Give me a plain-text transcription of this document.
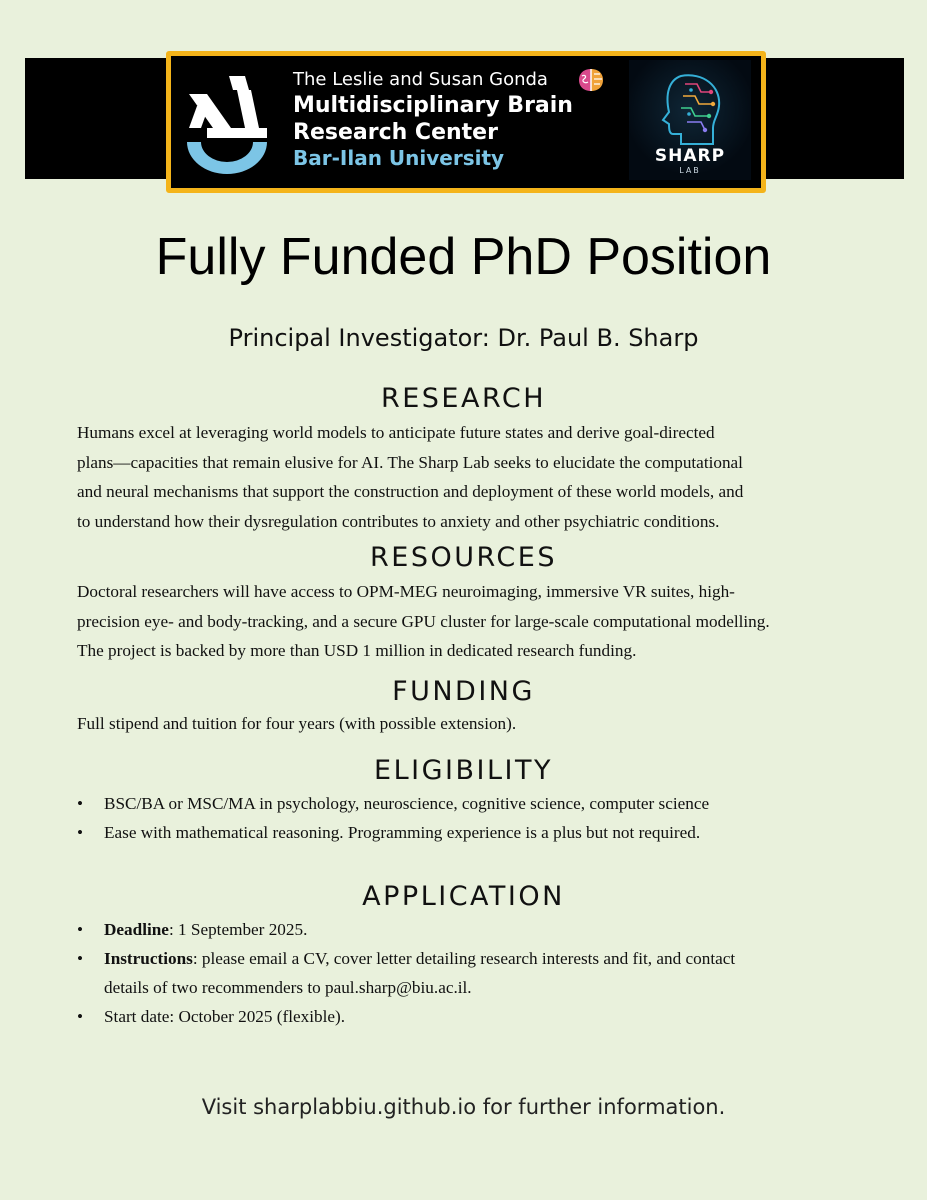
The Leslie and Susan Gonda
Multidisciplinary Brain
Research Center
Bar-Ilan University	SHARP
LAB
Fully Funded PhD Position
Principal Investigator: Dr. Paul B. Sharp
RESEARCH
Humans excel at leveraging world models to anticipate future states and derive goal-directed
plans—capacities that remain elusive for AI. The Sharp Lab seeks to elucidate the computational
and neural mechanisms that support the construction and deployment of these world models, and
to understand how their dysregulation contributes to anxiety and other psychiatric conditions.
RESOURCES
Doctoral researchers will have access to OPM-MEG neuroimaging, immersive VR suites, high-
precision eye- and body-tracking, and a secure GPU cluster for large-scale computational modelling.
The project is backed by more than USD 1 million in dedicated research funding.
FUNDING
Full stipend and tuition for four years (with possible extension).
ELIGIBILITY
• BSC/BA or MSC/MA in psychology, neuroscience, cognitive science, computer science
• Ease with mathematical reasoning. Programming experience is a plus but not required.
APPLICATION
• Deadline: 1 September 2025.
• Instructions: please email a CV, cover letter detailing research interests and fit, and contact
details of two recommenders to paul.sharp@biu.ac.il.
• Start date: October 2025 (flexible).
Visit sharplabbiu.github.io for further information.
